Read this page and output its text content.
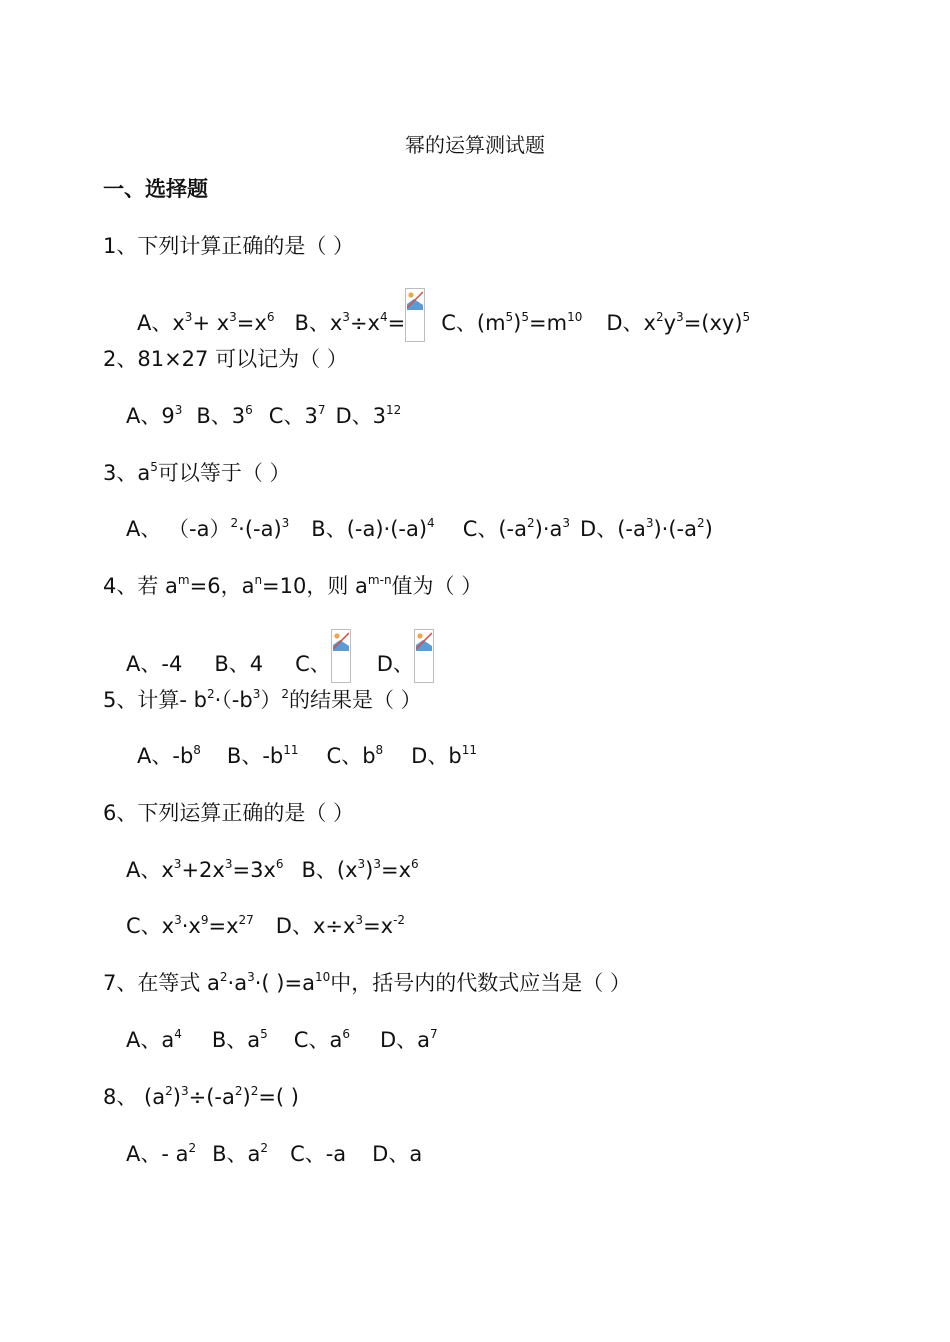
幂的运算测试题
一、选择题
1、下列计算正确的是（ ）
A、$x^3+ x^3=x^6$ B、$x^3\div x^4= C$、$(m^5)^5=m^{10}$ D、$x^2y^3=(xy)^5$
2、81×27 可以记为（ ）
A、$9^3$ B、$3^6$ C、$3^7$ D、$3^{12}$
3、$a^5$可以等于（ ）
A、 $(-a)^2\cdot(-a)^3$ B、$(-a)\cdot(-a)^4$ C、$(-a^2)\cdot a^3$ D、$(-a^3)\cdot(-a^2)$
4、若 $a^m=6$，$a^n=10$，则 $a^{m-n}$值为（ ）
A、-4 B、4 C、 D、
5、计算- $b^2\cdot(-b^3)^2$的结果是（ ）
A、$-b^8$ B、$-b^{11}$ C、$b^8$ D、$b^{11}$
6、下列运算正确的是（ ）
A、$x^3+2x^3=3x^6$ B、$(x^3)^3=x^6$
C、$x^3\cdot x^9=x^{27}$ D、$x\div x^3=x^{-2}$
7、在等式 $a^2\cdot a^3\cdot$( )$=a^{10}$中，括号内的代数式应当是（ ）
A、$a^4$ B、$a^5$ C、$a^6$ D、$a^7$
8、 $(a^2)^3\div(-a^2)^2=$( )
A、- $a^2$ B、$a^2$ C、-a D、a
